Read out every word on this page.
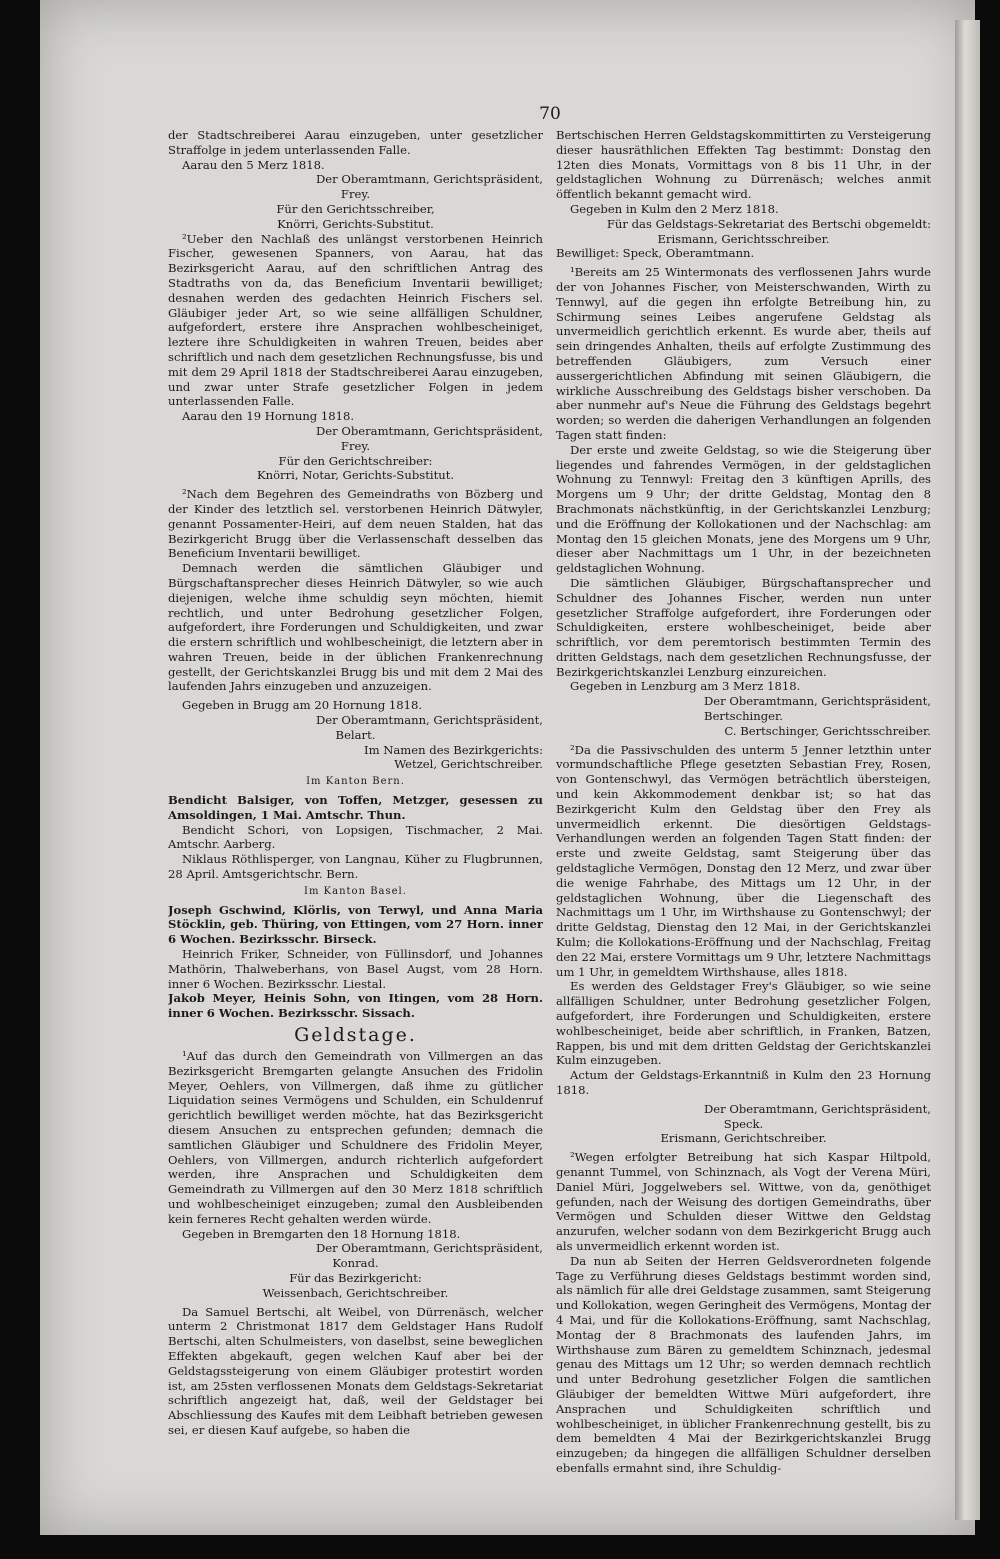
70

der Stadtschreiberei Aarau einzugeben, unter gesetzlicher Straffolge in jedem unterlassenden Falle.

Aarau den 5 Merz 1818.

Der Oberamtmann, Gerichtspräsident,

Frey.

Für den Gerichtsschreiber,

Knörri, Gerichts-Substitut.

²Ueber den Nachlaß des unlängst verstorbenen Heinrich Fischer, gewesenen Spanners, von Aarau, hat das Bezirksgericht Aarau, auf den schriftlichen Antrag des Stadtraths von da, das Beneficium Inventarii bewilliget; desnahen werden des gedachten Heinrich Fischers sel. Gläubiger jeder Art, so wie seine allfälligen Schuldner, aufgefordert, erstere ihre Ansprachen wohlbescheiniget, leztere ihre Schuldigkeiten in wahren Treuen, beides aber schriftlich und nach dem gesetzlichen Rechnungsfusse, bis und mit dem 29 April 1818 der Stadtschreiberei Aarau einzugeben, und zwar unter Strafe gesetzlicher Folgen in jedem unterlassenden Falle.

Aarau den 19 Hornung 1818.

Der Oberamtmann, Gerichtspräsident,

Frey.

Für den Gerichtschreiber:

Knörri, Notar, Gerichts-Substitut.

²Nach dem Begehren des Gemeindraths von Bözberg und der Kinder des letztlich sel. verstorbenen Heinrich Dätwyler, genannt Possamenter-Heiri, auf dem neuen Stalden, hat das Bezirkgericht Brugg über die Verlassenschaft desselben das Beneficium Inventarii bewilliget.

Demnach werden die sämtlichen Gläubiger und Bürgschaftansprecher dieses Heinrich Dätwyler, so wie auch diejenigen, welche ihme schuldig seyn möchten, hiemit rechtlich, und unter Bedrohung gesetzlicher Folgen, aufgefordert, ihre Forderungen und Schuldigkeiten, und zwar die erstern schriftlich und wohlbescheinigt, die letztern aber in wahren Treuen, beide in der üblichen Frankenrechnung gestellt, der Gerichtskanzlei Brugg bis und mit dem 2 Mai des laufenden Jahrs einzugeben und anzuzeigen.

Gegeben in Brugg am 20 Hornung 1818.

Der Oberamtmann, Gerichtspräsident,

Belart.

Im Namen des Bezirkgerichts:

Wetzel, Gerichtschreiber.

Im Kanton Bern.

Bendicht Balsiger, von Toffen, Metzger, gesessen zu Amsoldingen, 1 Mai. Amtschr. Thun.

Bendicht Schori, von Lopsigen, Tischmacher, 2 Mai. Amtschr. Aarberg.

Niklaus Röthlisperger, von Langnau, Küher zu Flugbrunnen, 28 April. Amtsgerichtschr. Bern.

Im Kanton Basel.

Joseph Gschwind, Klörlis, von Terwyl, und Anna Maria Stöcklin, geb. Thüring, von Ettingen, vom 27 Horn. inner 6 Wochen. Bezirksschr. Birseck.

Heinrich Friker, Schneider, von Füllinsdorf, und Johannes Mathörin, Thalweberhans, von Basel Augst, vom 28 Horn. inner 6 Wochen. Bezirksschr. Liestal.

Jakob Meyer, Heinis Sohn, von Itingen, vom 28 Horn. inner 6 Wochen. Bezirksschr. Sissach.

Geldstage.

¹Auf das durch den Gemeindrath von Villmergen an das Bezirksgericht Bremgarten gelangte Ansuchen des Fridolin Meyer, Oehlers, von Villmergen, daß ihme zu gütlicher Liquidation seines Vermögens und Schulden, ein Schuldenruf gerichtlich bewilliget werden möchte, hat das Bezirksgericht diesem Ansuchen zu entsprechen gefunden; demnach die samtlichen Gläubiger und Schuldnere des Fridolin Meyer, Oehlers, von Villmergen, andurch richterlich aufgefordert werden, ihre Ansprachen und Schuldigkeiten dem Gemeindrath zu Villmergen auf den 30 Merz 1818 schriftlich und wohlbescheiniget einzugeben; zumal den Ausbleibenden kein ferneres Recht gehalten werden würde.

Gegeben in Bremgarten den 18 Hornung 1818.

Der Oberamtmann, Gerichtspräsident,

Konrad.

Für das Bezirkgericht:

Weissenbach, Gerichtschreiber.

Da Samuel Bertschi, alt Weibel, von Dürrenäsch, welcher unterm 2 Christmonat 1817 dem Geldstager Hans Rudolf Bertschi, alten Schulmeisters, von daselbst, seine beweglichen Effekten abgekauft, gegen welchen Kauf aber bei der Geldstagssteigerung von einem Gläubiger protestirt worden ist, am 25sten verflossenen Monats dem Geldstags-Sekretariat schriftlich angezeigt hat, daß, weil der Geldstager bei Abschliessung des Kaufes mit dem Leibhaft betrieben gewesen sei, er diesen Kauf aufgebe, so haben die

Bertschischen Herren Geldstagskommittirten zu Versteigerung dieser hausräthlichen Effekten Tag bestimmt: Donstag den 12ten dies Monats, Vormittags von 8 bis 11 Uhr, in der geldstaglichen Wohnung zu Dürrenäsch; welches anmit öffentlich bekannt gemacht wird.

Gegeben in Kulm den 2 Merz 1818.

Für das Geldstags-Sekretariat des Bertschi obgemeldt:

Erismann, Gerichtsschreiber.

Bewilliget: Speck, Oberamtmann.

¹Bereits am 25 Wintermonats des verflossenen Jahrs wurde der von Johannes Fischer, von Meisterschwanden, Wirth zu Tennwyl, auf die gegen ihn erfolgte Betreibung hin, zu Schirmung seines Leibes angerufene Geldstag als unvermeidlich gerichtlich erkennt. Es wurde aber, theils auf sein dringendes Anhalten, theils auf erfolgte Zustimmung des betreffenden Gläubigers, zum Versuch einer aussergerichtlichen Abfindung mit seinen Gläubigern, die wirkliche Ausschreibung des Geldstags bisher verschoben. Da aber nunmehr auf's Neue die Führung des Geldstags begehrt worden; so werden die daherigen Verhandlungen an folgenden Tagen statt finden:

Der erste und zweite Geldstag, so wie die Steigerung über liegendes und fahrendes Vermögen, in der geldstaglichen Wohnung zu Tennwyl: Freitag den 3 künftigen Aprills, des Morgens um 9 Uhr; der dritte Geldstag, Montag den 8 Brachmonats nächstkünftig, in der Gerichtskanzlei Lenzburg; und die Eröffnung der Kollokationen und der Nachschlag: am Montag den 15 gleichen Monats, jene des Morgens um 9 Uhr, dieser aber Nachmittags um 1 Uhr, in der bezeichneten geldstaglichen Wohnung.

Die sämtlichen Gläubiger, Bürgschaftansprecher und Schuldner des Johannes Fischer, werden nun unter gesetzlicher Straffolge aufgefordert, ihre Forderungen oder Schuldigkeiten, erstere wohlbescheiniget, beide aber schriftlich, vor dem peremtorisch bestimmten Termin des dritten Geldstags, nach dem gesetzlichen Rechnungsfusse, der Bezirkgerichtskanzlei Lenzburg einzureichen.

Gegeben in Lenzburg am 3 Merz 1818.

Der Oberamtmann, Gerichtspräsident,

Bertschinger.

C. Bertschinger, Gerichtsschreiber.

²Da die Passivschulden des unterm 5 Jenner letzthin unter vormundschaftliche Pflege gesetzten Sebastian Frey, Rosen, von Gontenschwyl, das Vermögen beträchtlich übersteigen, und kein Akkommodement denkbar ist; so hat das Bezirkgericht Kulm den Geldstag über den Frey als unvermeidlich erkennt. Die diesörtigen Geldstags-Verhandlungen werden an folgenden Tagen Statt finden: der erste und zweite Geldstag, samt Steigerung über das geldstagliche Vermögen, Donstag den 12 Merz, und zwar über die wenige Fahrhabe, des Mittags um 12 Uhr, in der geldstaglichen Wohnung, über die Liegenschaft des Nachmittags um 1 Uhr, im Wirthshause zu Gontenschwyl; der dritte Geldstag, Dienstag den 12 Mai, in der Gerichtskanzlei Kulm; die Kollokations-Eröffnung und der Nachschlag, Freitag den 22 Mai, erstere Vormittags um 9 Uhr, letztere Nachmittags um 1 Uhr, in gemeldtem Wirthshause, alles 1818.

Es werden des Geldstager Frey's Gläubiger, so wie seine allfälligen Schuldner, unter Bedrohung gesetzlicher Folgen, aufgefordert, ihre Forderungen und Schuldigkeiten, erstere wohlbescheiniget, beide aber schriftlich, in Franken, Batzen, Rappen, bis und mit dem dritten Geldstag der Gerichtskanzlei Kulm einzugeben.

Actum der Geldstags-Erkanntniß in Kulm den 23 Hornung 1818.

Der Oberamtmann, Gerichtspräsident,

Speck.

Erismann, Gerichtschreiber.

²Wegen erfolgter Betreibung hat sich Kaspar Hiltpold, genannt Tummel, von Schinznach, als Vogt der Verena Müri, Daniel Müri, Joggelwebers sel. Wittwe, von da, genöthiget gefunden, nach der Weisung des dortigen Gemeindraths, über Vermögen und Schulden dieser Wittwe den Geldstag anzurufen, welcher sodann von dem Bezirkgericht Brugg auch als unvermeidlich erkennt worden ist.

Da nun ab Seiten der Herren Geldsverordneten folgende Tage zu Verführung dieses Geldstags bestimmt worden sind, als nämlich für alle drei Geldstage zusammen, samt Steigerung und Kollokation, wegen Geringheit des Vermögens, Montag der 4 Mai, und für die Kollokations-Eröffnung, samt Nachschlag, Montag der 8 Brachmonats des laufenden Jahrs, im Wirthshause zum Bären zu gemeldtem Schinznach, jedesmal genau des Mittags um 12 Uhr; so werden demnach rechtlich und unter Bedrohung gesetzlicher Folgen die samtlichen Gläubiger der bemeldten Wittwe Müri aufgefordert, ihre Ansprachen und Schuldigkeiten schriftlich und wohlbescheiniget, in üblicher Frankenrechnung gestellt, bis zu dem bemeldten 4 Mai der Bezirkgerichtskanzlei Brugg einzugeben; da hingegen die allfälligen Schuldner derselben ebenfalls ermahnt sind, ihre Schuldig-
